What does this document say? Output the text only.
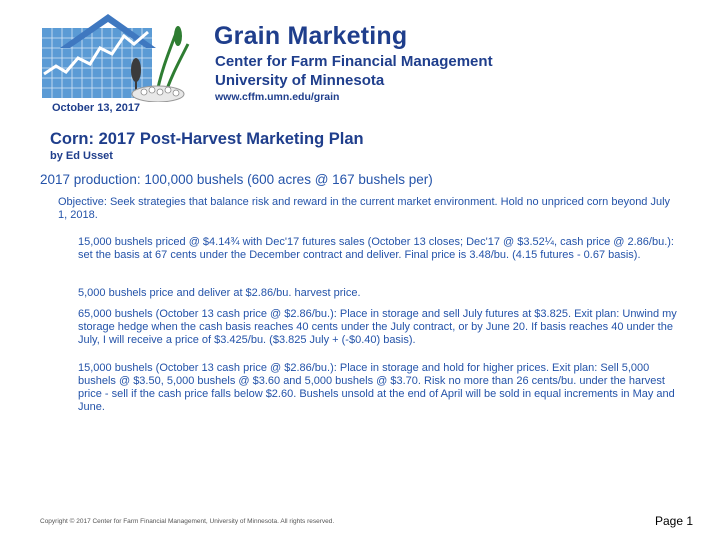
October 13, 2017
Grain Marketing
Center for Farm Financial Management
University of Minnesota
www.cffm.umn.edu/grain
Corn: 2017 Post-Harvest Marketing Plan
by Ed Usset
2017 production: 100,000 bushels (600 acres @ 167 bushels per)
Objective: Seek strategies that balance risk and reward in the current market environment. Hold no unpriced corn beyond July 1, 2018.
15,000 bushels priced @ $4.14¾ with Dec'17 futures sales (October 13 closes; Dec'17 @ $3.52¼, cash price @ 2.86/bu.): set the basis at 67 cents under the December contract and deliver. Final price is 3.48/bu. (4.15 futures - 0.67 basis).
5,000 bushels price and deliver at $2.86/bu. harvest price.
65,000 bushels (October 13 cash price @ $2.86/bu.): Place in storage and sell July futures at $3.825. Exit plan: Unwind my storage hedge when the cash basis reaches 40 cents under the July contract, or by June 20. If basis reaches 40 under the July, I will receive a price of $3.425/bu. ($3.825 July + (-$0.40) basis).
15,000 bushels (October 13 cash price @ $2.86/bu.): Place in storage and hold for higher prices. Exit plan: Sell 5,000 bushels @ $3.50, 5,000 bushels @ $3.60 and 5,000 bushels @ $3.70. Risk no more than 26 cents/bu. under the harvest price - sell if the cash price falls below $2.60. Bushels unsold at the end of April will be sold in equal increments in May and June.
Copyright © 2017 Center for Farm Financial Management, University of Minnesota. All rights reserved.	Page 1
